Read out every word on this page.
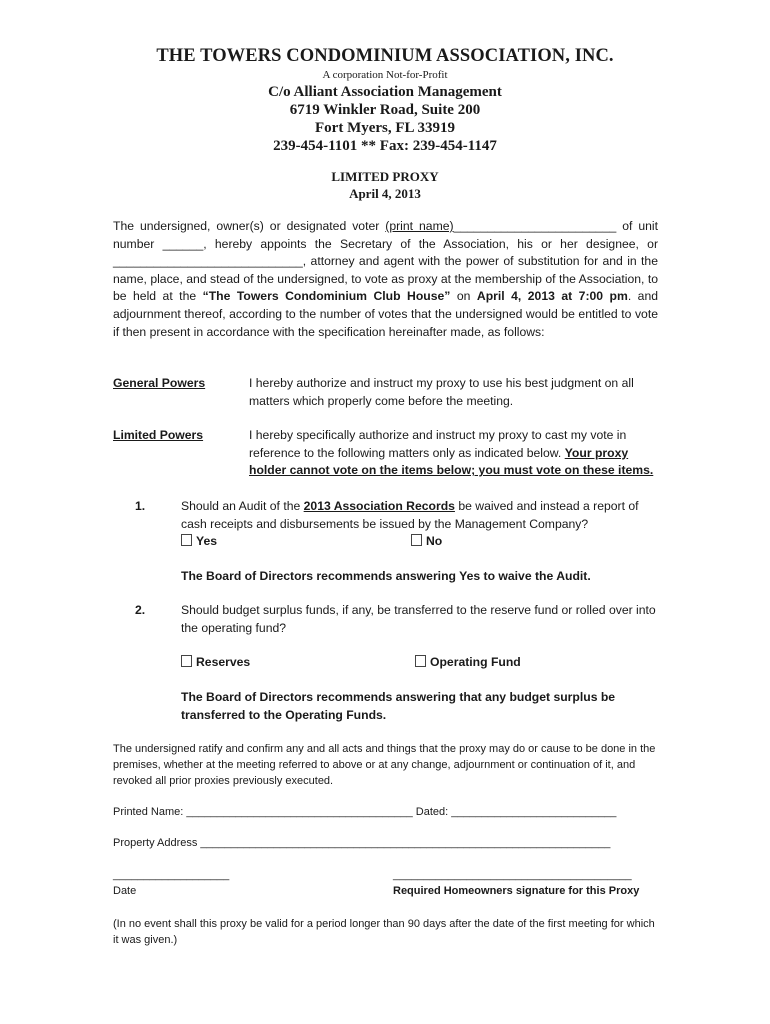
THE TOWERS CONDOMINIUM ASSOCIATION, INC.
A corporation Not-for-Profit
C/o Alliant Association Management
6719 Winkler Road, Suite 200
Fort Myers, FL 33919
239-454-1101 ** Fax: 239-454-1147
LIMITED PROXY
April 4, 2013
The undersigned, owner(s) or designated voter (print name)________________________ of unit number ______, hereby appoints the Secretary of the Association, his or her designee, or ____________________________, attorney and agent with the power of substitution for and in the name, place, and stead of the undersigned, to vote as proxy at the membership of the Association, to be held at the “The Towers Condominium Club House” on April 4, 2013 at 7:00 pm. and adjournment thereof, according to the number of votes that the undersigned would be entitled to vote if then present in accordance with the specification hereinafter made, as follows:
General Powers	I hereby authorize and instruct my proxy to use his best judgment on all matters which properly come before the meeting.
Limited Powers	I hereby specifically authorize and instruct my proxy to cast my vote in reference to the following matters only as indicated below. Your proxy holder cannot vote on the items below; you must vote on these items.
1.	Should an Audit of the 2013 Association Records be waived and instead a report of cash receipts and disbursements be issued by the Management Company?
Yes	No
The Board of Directors recommends answering Yes to waive the Audit.
2.	Should budget surplus funds, if any, be transferred to the reserve fund or rolled over into the operating fund?
Reserves	Operating Fund
The Board of Directors recommends answering that any budget surplus be transferred to the Operating Funds.
The undersigned ratify and confirm any and all acts and things that the proxy may do or cause to be done in the premises, whether at the meeting referred to above or at any change, adjournment or continuation of it, and revoked all prior proxies previously executed.
Printed Name: _____________________________________ Dated: ___________________________
Property Address ___________________________________________________________________
___________________
Date
_______________________________________
Required Homeowners signature for this Proxy
(In no event shall this proxy be valid for a period longer than 90 days after the date of the first meeting for which it was given.)
